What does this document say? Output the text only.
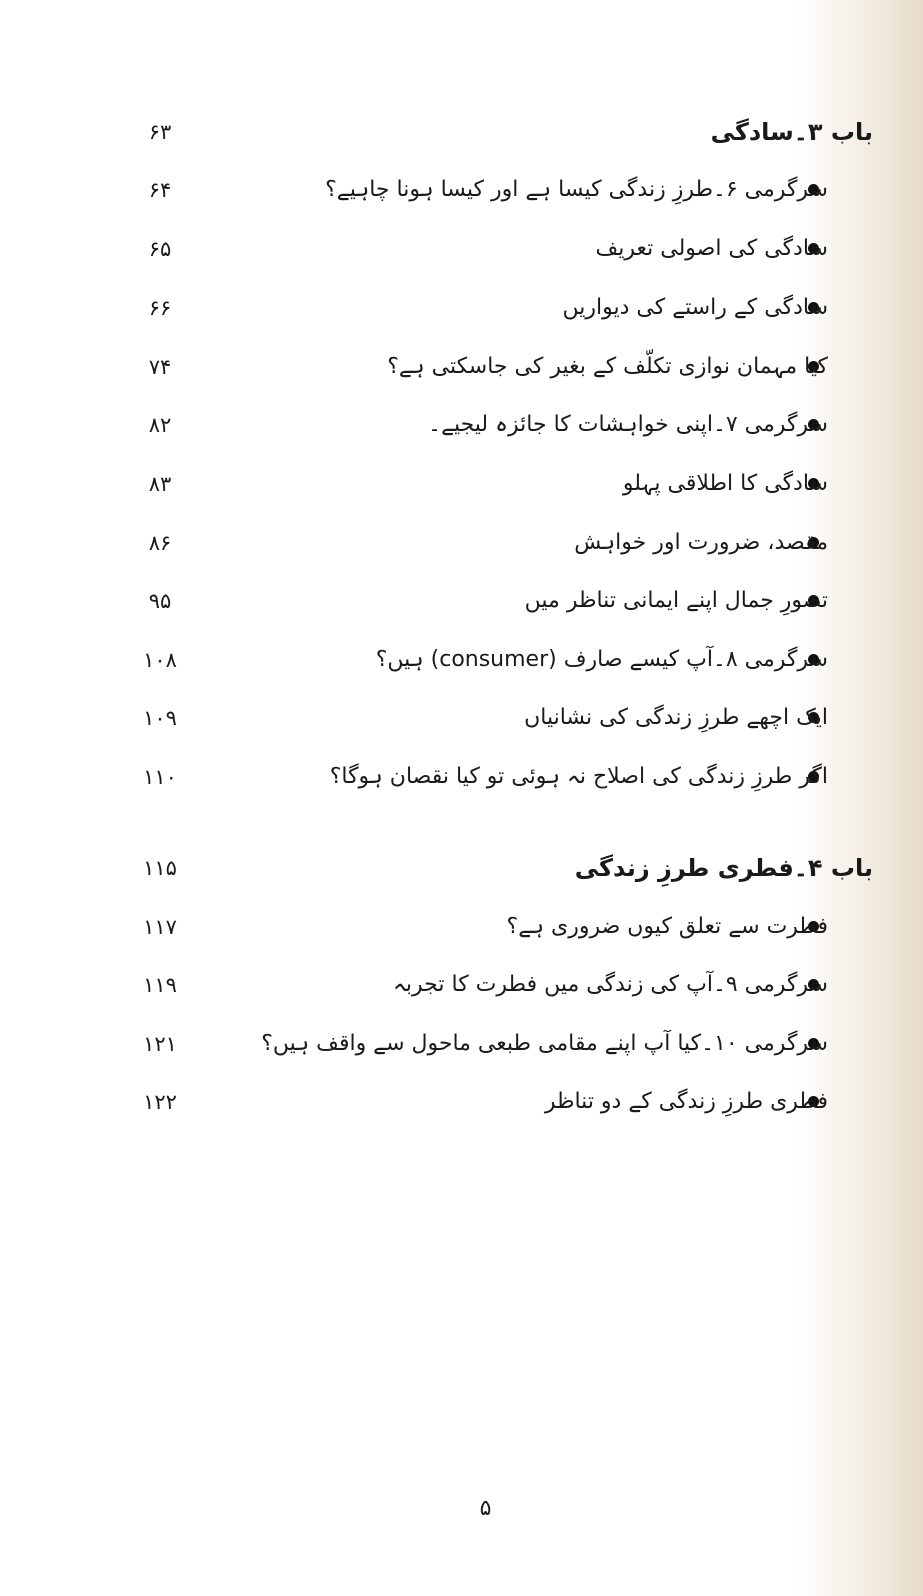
باب ۳۔سادگی
۶۳
سرگرمی ۶۔طرزِ زندگی کیسا ہے اور کیسا ہونا چاہیے؟
۶۴
سادگی کی اصولی تعریف
۶۵
سادگی کے راستے کی دیواریں
۶۶
کیا مہمان نوازی تکلّف کے بغیر کی جاسکتی ہے؟
۷۴
سرگرمی ۷۔اپنی خواہشات کا جائزہ لیجیے۔
۸۲
سادگی کا اطلاقی پہلو
۸۳
مقصد، ضرورت اور خواہش
۸۶
تصورِ جمال اپنے ایمانی تناظر میں
۹۵
سرگرمی ۸۔آپ کیسے صارف (consumer) ہیں؟
۱۰۸
ایک اچھے طرزِ زندگی کی نشانیاں
۱۰۹
اگر طرزِ زندگی کی اصلاح نہ ہوئی تو کیا نقصان ہوگا؟
۱۱۰
باب ۴۔فطری طرزِ زندگی
۱۱۵
فطرت سے تعلق کیوں ضروری ہے؟
۱۱۷
سرگرمی ۹۔آپ کی زندگی میں فطرت کا تجربہ
۱۱۹
سرگرمی ۱۰۔کیا آپ اپنے مقامی طبعی ماحول سے واقف ہیں؟
۱۲۱
فطری طرزِ زندگی کے دو تناظر
۱۲۲
۵
